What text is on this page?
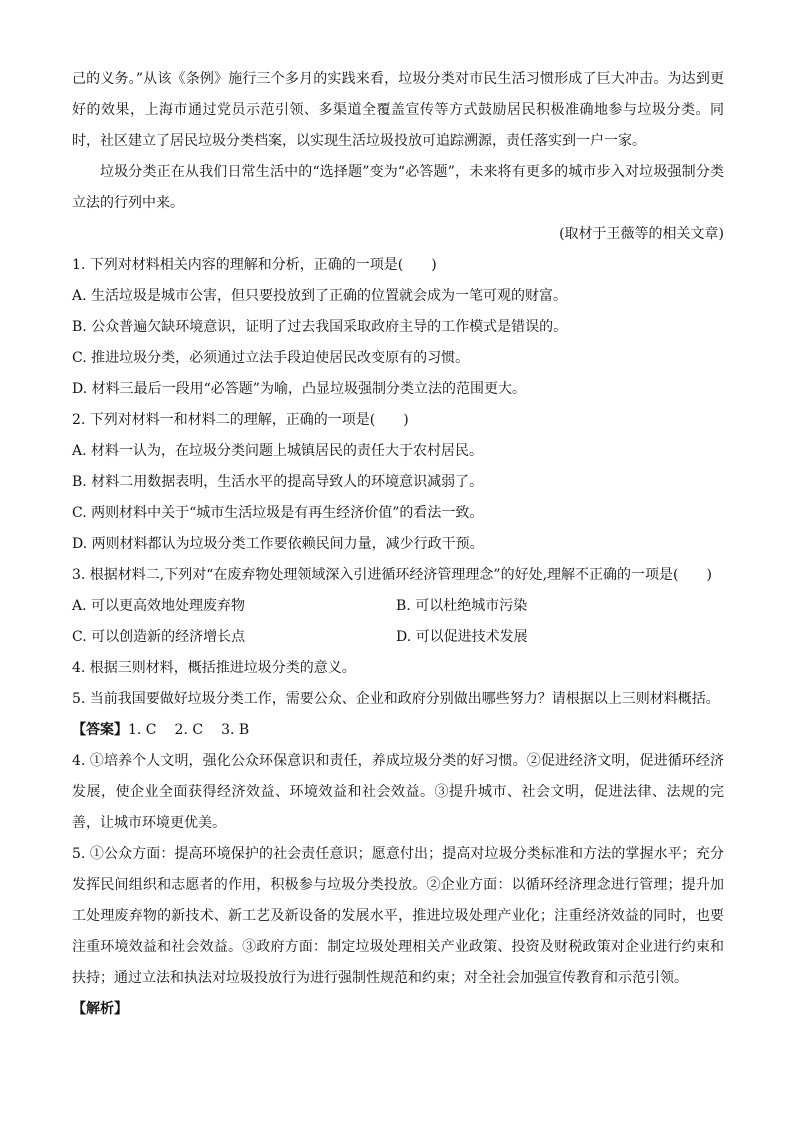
己的义务。”从该《条例》施行三个多月的实践来看，垃圾分类对市民生活习惯形成了巨大冲击。为达到更好的效果，上海市通过党员示范引领、多渠道全覆盖宣传等方式鼓励居民积极准确地参与垃圾分类。同时，社区建立了居民垃圾分类档案，以实现生活垃圾投放可追踪溯源，责任落实到一户一家。

垃圾分类正在从我们日常生活中的“选择题”变为“必答题”，未来将有更多的城市步入对垃圾强制分类立法的行列中来。

(取材于王薇等的相关文章)

1. 下列对材料相关内容的理解和分析，正确的一项是(　　)

A. 生活垃圾是城市公害，但只要投放到了正确的位置就会成为一笔可观的财富。

B. 公众普遍欠缺环境意识，证明了过去我国采取政府主导的工作模式是错误的。

C. 推进垃圾分类，必须通过立法手段迫使居民改变原有的习惯。

D. 材料三最后一段用“必答题”为喻，凸显垃圾强制分类立法的范围更大。

2. 下列对材料一和材料二的理解，正确的一项是(　　)

A. 材料一认为，在垃圾分类问题上城镇居民的责任大于农村居民。

B. 材料二用数据表明，生活水平的提高导致人的环境意识减弱了。

C. 两则材料中关于“城市生活垃圾是有再生经济价值”的看法一致。

D. 两则材料都认为垃圾分类工作要依赖民间力量，减少行政干预。

3. 根据材料二,下列对“在废弃物处理领域深入引进循环经济管理理念”的好处,理解不正确的一项是(　　)

A. 可以更高效地处理废弃物	B. 可以杜绝城市污染
C. 可以创造新的经济增长点	D. 可以促进技术发展

4. 根据三则材料，概括推进垃圾分类的意义。

5. 当前我国要做好垃圾分类工作，需要公众、企业和政府分别做出哪些努力？请根据以上三则材料概括。

【答案】1. C 2. C 3. B

4. ①培养个人文明，强化公众环保意识和责任，养成垃圾分类的好习惯。②促进经济文明，促进循环经济发展，使企业全面获得经济效益、环境效益和社会效益。③提升城市、社会文明，促进法律、法规的完善，让城市环境更优美。

5. ①公众方面：提高环境保护的社会责任意识；愿意付出；提高对垃圾分类标准和方法的掌握水平；充分发挥民间组织和志愿者的作用，积极参与垃圾分类投放。②企业方面：以循环经济理念进行管理；提升加工处理废弃物的新技术、新工艺及新设备的发展水平，推进垃圾处理产业化；注重经济效益的同时，也要注重环境效益和社会效益。③政府方面：制定垃圾处理相关产业政策、投资及财税政策对企业进行约束和扶持；通过立法和执法对垃圾投放行为进行强制性规范和约束；对全社会加强宣传教育和示范引领。

【解析】
